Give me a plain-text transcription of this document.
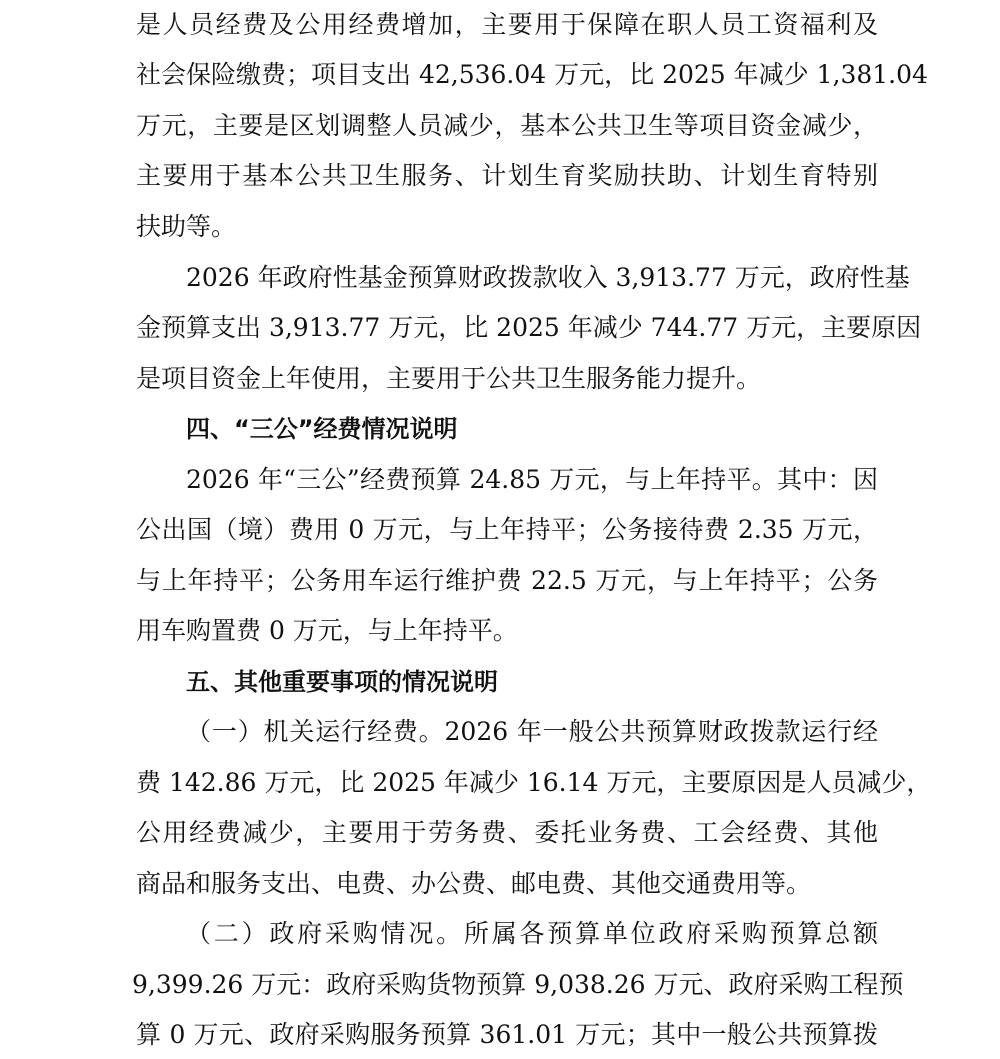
是人员经费及公用经费增加，主要用于保障在职人员工资福利及
社会保险缴费；项目支出 42,536.04 万元，比 2025 年减少 1,381.04
万元，主要是区划调整人员减少，基本公共卫生等项目资金减少，
主要用于基本公共卫生服务、计划生育奖励扶助、计划生育特别
扶助等。
2026 年政府性基金预算财政拨款收入 3,913.77 万元，政府性基
金预算支出 3,913.77 万元，比 2025 年减少 744.77 万元，主要原因
是项目资金上年使用，主要用于公共卫生服务能力提升。
四、“三公”经费情况说明
2026 年“三公”经费预算 24.85 万元，与上年持平。其中：因
公出国（境）费用 0 万元，与上年持平；公务接待费 2.35 万元，
与上年持平；公务用车运行维护费 22.5 万元，与上年持平；公务
用车购置费 0 万元，与上年持平。
五、其他重要事项的情况说明
（一）机关运行经费。2026 年一般公共预算财政拨款运行经
费 142.86 万元，比 2025 年减少 16.14 万元，主要原因是人员减少，
公用经费减少，主要用于劳务费、委托业务费、工会经费、其他
商品和服务支出、电费、办公费、邮电费、其他交通费用等。
（二）政府采购情况。所属各预算单位政府采购预算总额
9,399.26 万元：政府采购货物预算 9,038.26 万元、政府采购工程预
算 0 万元、政府采购服务预算 361.01 万元；其中一般公共预算拨
